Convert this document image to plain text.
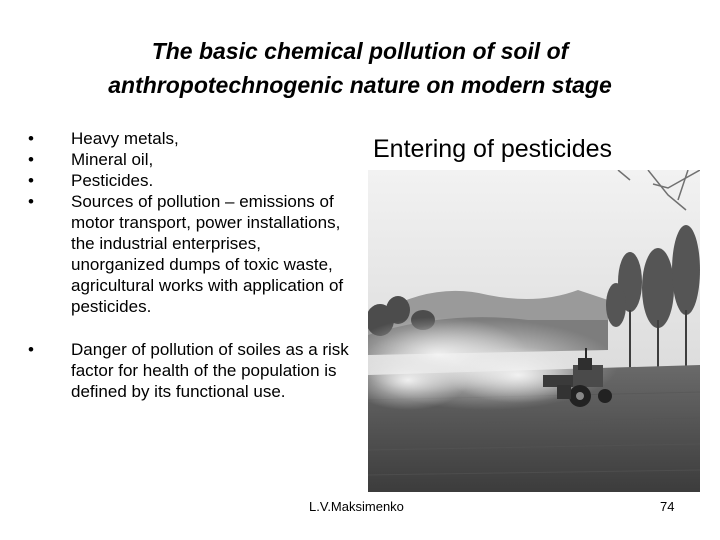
The basic chemical pollution of soil of
anthropotechnogenic nature on modern stage
• Heavy metals,
• Mineral oil,
• Pesticides.
• Sources of pollution – emissions of motor transport, power installations, the industrial enterprises, unorganized dumps of toxic waste, agricultural works with application of pesticides.
• Danger of pollution of soiles as a risk factor for health of the population is defined by its functional use.
Entering of pesticides
L.V.Maksimenko	74
